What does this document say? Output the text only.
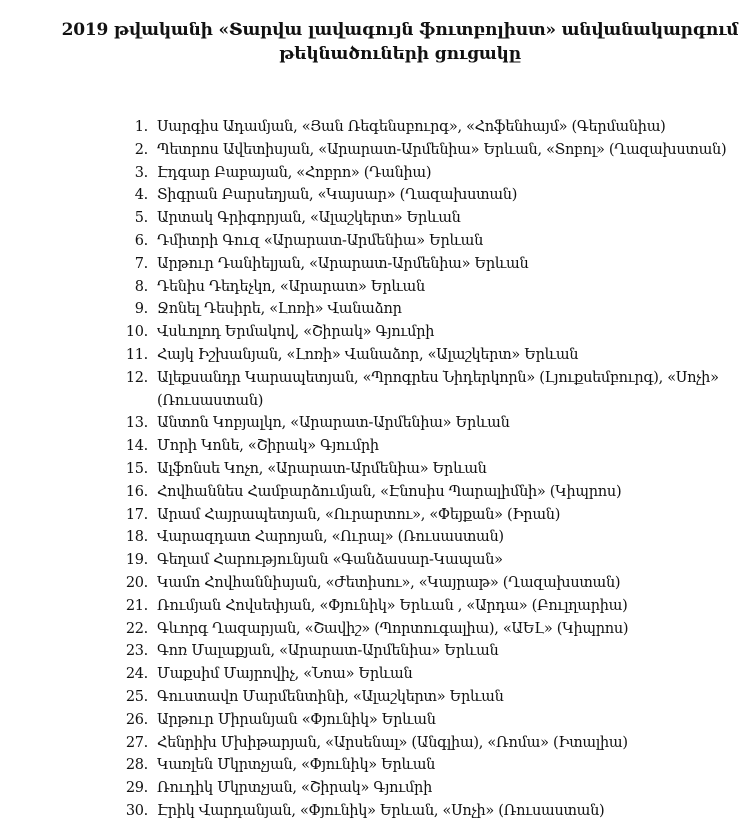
2019 թվականի «Տարվա լավագույն ֆուտբոլիստ» անվանակարգում
թեկնածուների ցուցակը
1. Սարգիս Ադամյան, «Յան Ռեգենսբուրգ», «Հոֆենհայմ» (Գերմանիա)
2. Պետրոս Ավետիսյան, «Արարատ-Արմենիա» Երևան, «Տոբոլ» (Ղազախստան)
3. Էդգար Բաբայան, «Հոբրո» (Դանիա)
4. Տիգրան Բարսեղյան, «Կայսար» (Ղազախստան)
5. Արտակ Գրիգորյան, «Ալաշկերտ» Երևան
6. Դմիտրի Գուզ «Արարատ-Արմենիա» Երևան
7. Արթուր Դանիելյան, «Արարատ-Արմենիա» Երևան
8. Դենիս Դեդեչկո, «Արարատ» Երևան
9. Ջոնել Դեսիրե, «Լոռի» Վանաձոր
10. Վսևոլոդ Երմակով, «Շիրակ» Գյումրի
11. Հայկ Իշխանյան, «Լոռի» Վանաձոր, «Ալաշկերտ» Երևան
12. Ալեքսանդր Կարապետյան, «Պրոգրես Նիդերկորն» (Լյուքսեմբուրգ), «Սոչի» (Ռուսաստան)
13. Անտոն Կոբյալկո, «Արարատ-Արմենիա» Երևան
14. Մորի Կոնե, «Շիրակ» Գյումրի
15. Ալֆոնսե Կոչո, «Արարատ-Արմենիա» Երևան
16. Հովհաննես Համբարձումյան, «Էնոսիս Պարալիմնի» (Կիպրոս)
17. Արամ Հայրապետյան, «Ուրարտու», «Փեյքան» (Իրան)
18. Վարազդատ Հարոյան, «Ուրալ» (Ռուսաստան)
19. Գեղամ Հարությունյան «Գանձասար-Կապան»
20. Կամո Հովհաննիսյան, «Ժետիսու», «Կայրաթ» (Ղազախստան)
21. Ռումյան Հովսեփյան, «Փյունիկ» Երևան , «Արդա» (Բուլղարիա)
22. Գևորգ Ղազարյան, «Շավիշ» (Պորտուգալիա), «ԱԵԼ» (Կիպրոս)
23. Գոռ Մալաքյան, «Արարատ-Արմենիա» Երևան
24. Մաքսիմ Մայրովիչ, «Նոա» Երևան
25. Գուստավո Մարմենտինի, «Ալաշկերտ» Երևան
26. Արթուր Միրանյան «Փյունիկ» Երևան
27. Հենրիխ Մխիթարյան, «Արսենալ» (Անգլիա), «Ռոմա» (Իտալիա)
28. Կառլեն Մկրտչյան, «Փյունիկ» Երևան
29. Ռուդիկ Մկրտչյան, «Շիրակ» Գյումրի
30. Էրիկ Վարդանյան, «Փյունիկ» Երևան, «Սոչի» (Ռուսաստան)
